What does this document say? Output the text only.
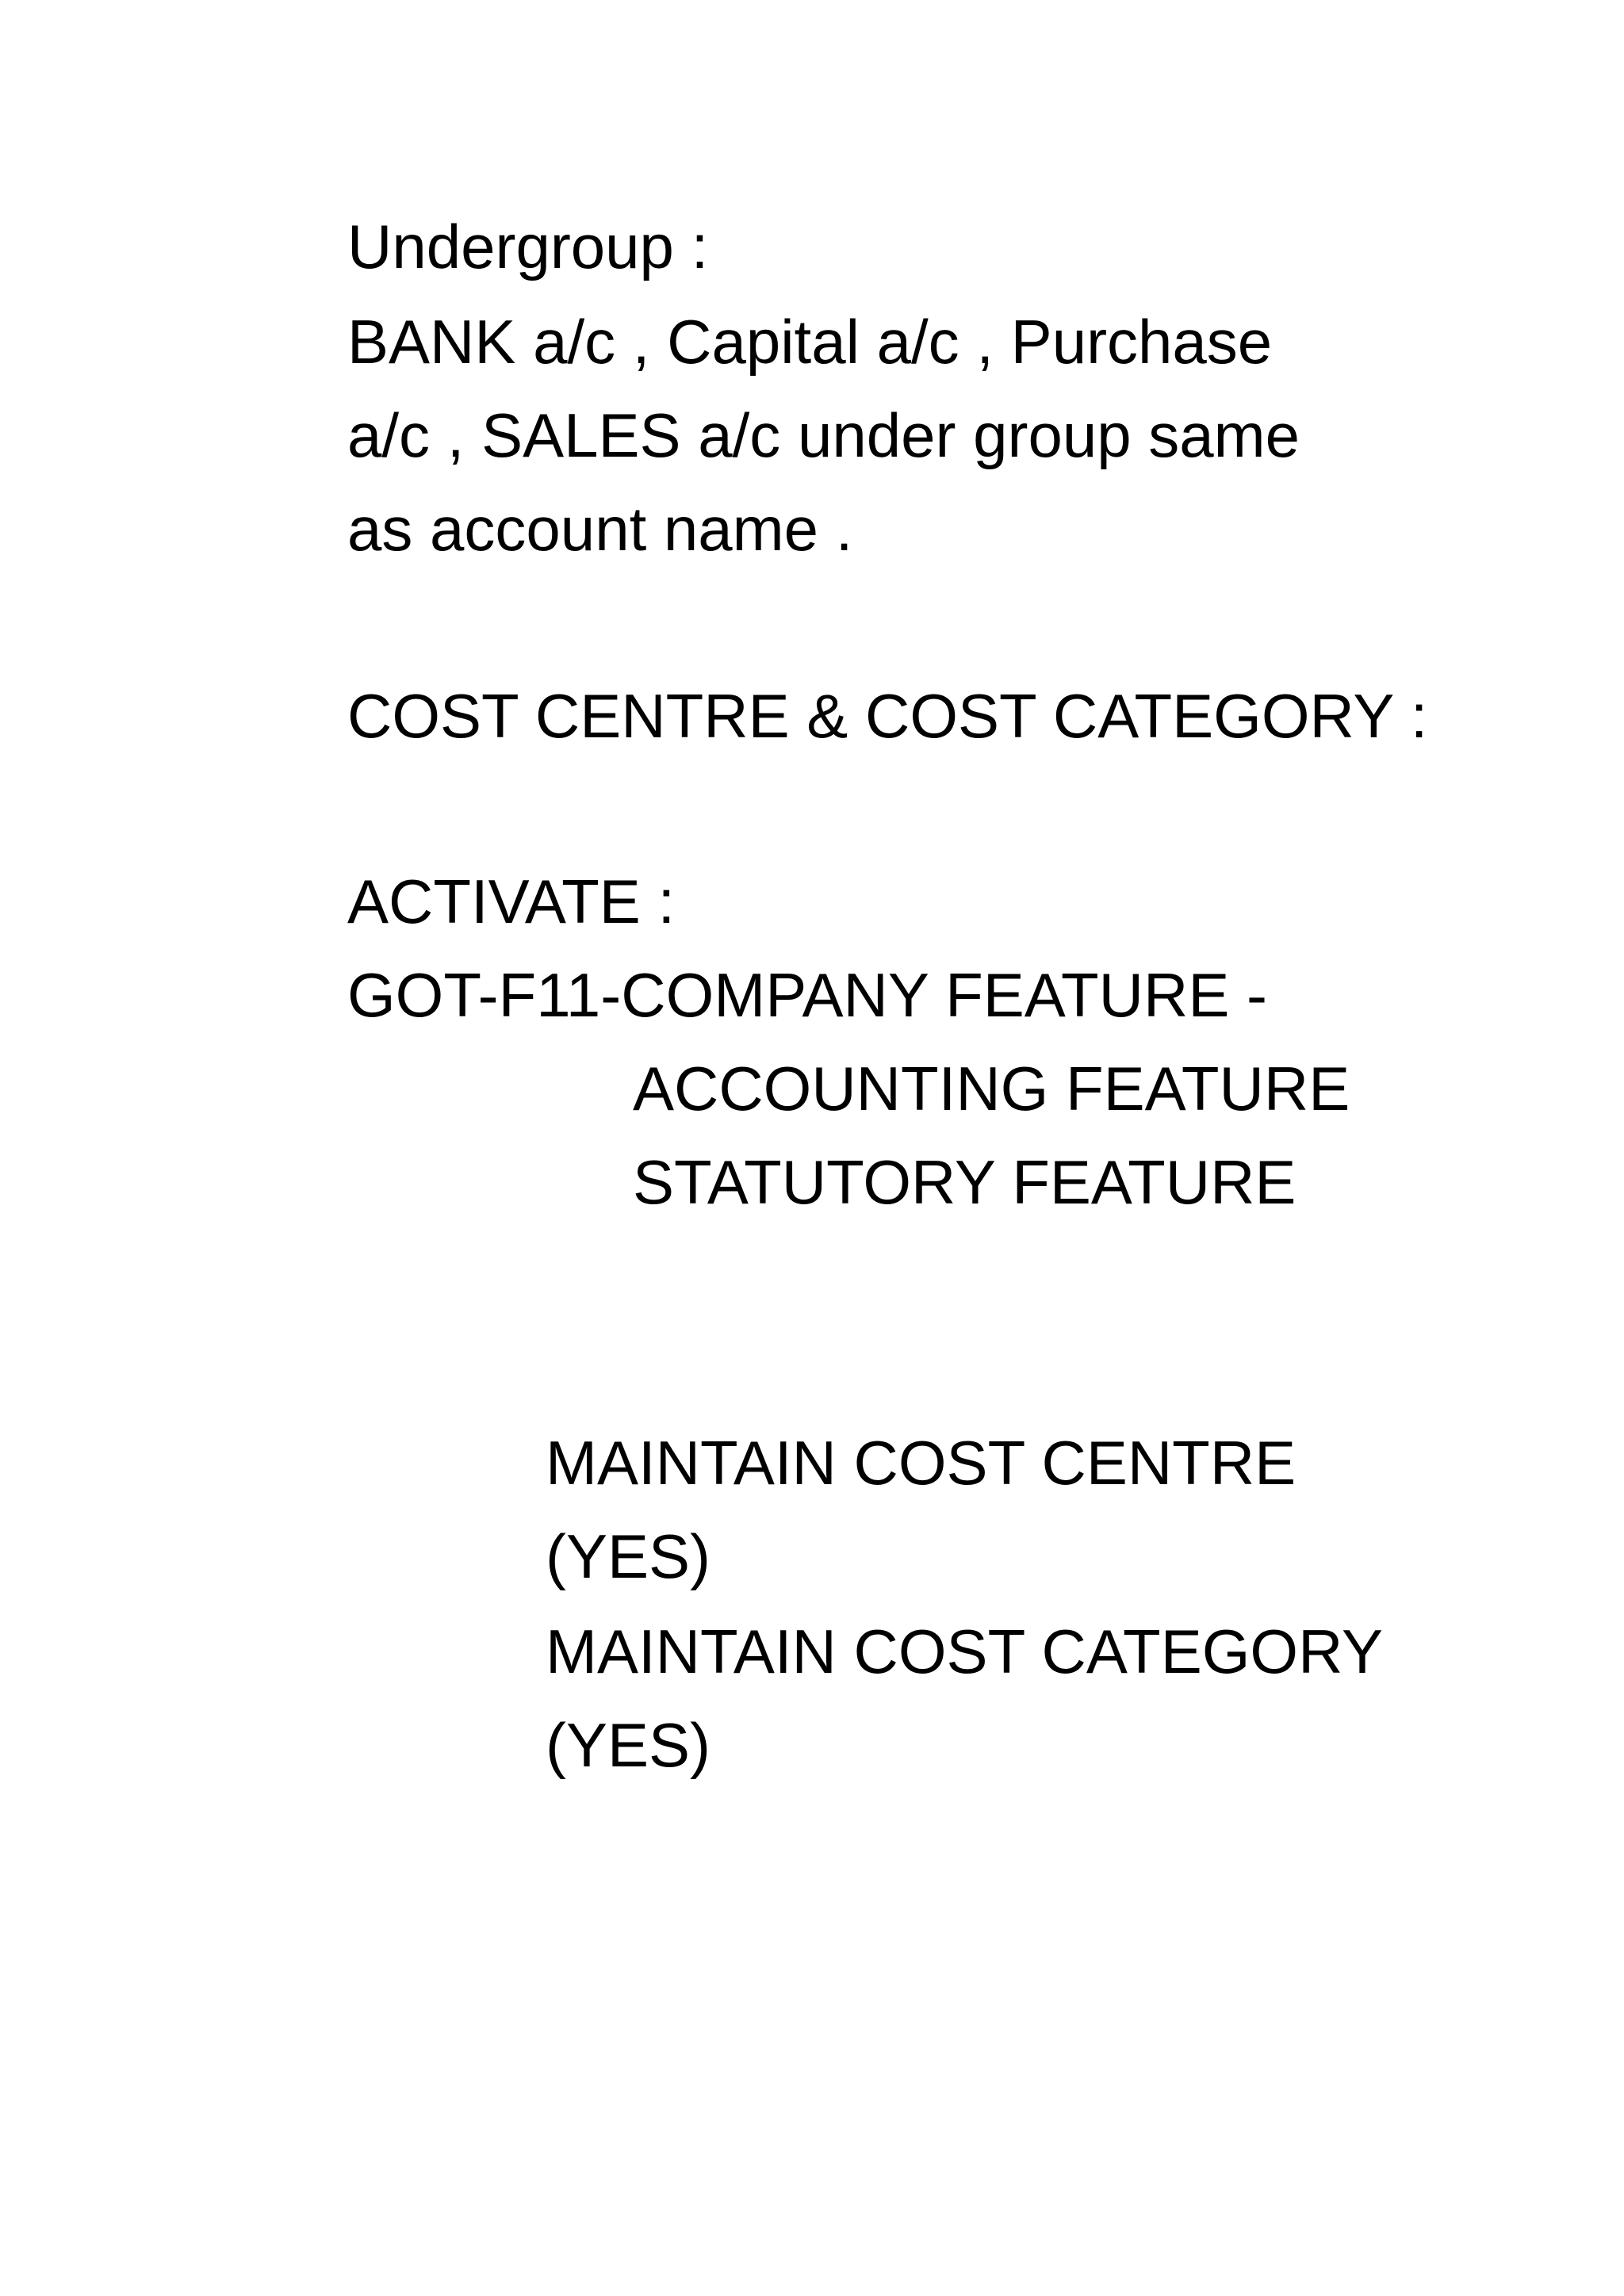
Undergroup :

BANK a/c , Capital a/c , Purchase

a/c , SALES a/c under group same

as account name .

COST CENTRE & COST CATEGORY :

ACTIVATE :

GOT-F11-COMPANY FEATURE -

ACCOUNTING FEATURE

STATUTORY FEATURE

MAINTAIN COST CENTRE

(YES)

MAINTAIN COST CATEGORY

(YES)
